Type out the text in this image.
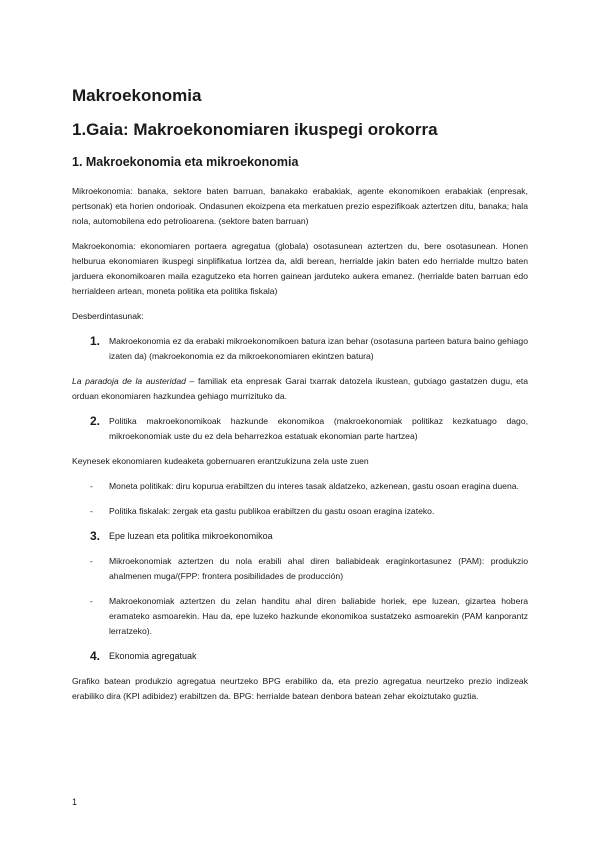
Makroekonomia
1.Gaia: Makroekonomiaren ikuspegi orokorra
1. Makroekonomia eta mikroekonomia

Mikroekonomia: banaka, sektore baten barruan, banakako erabakiak, agente ekonomikoen erabakiak (enpresak, pertsonak) eta horien ondorioak. Ondasunen ekoizpena eta merkatuen prezio espezifikoak aztertzen ditu, banaka; hala nola, automobilena edo petrolioarena. (sektore baten barruan)

Makroekonomia: ekonomiaren portaera agregatua (globala) osotasunean aztertzen du, bere osotasunean. Honen helburua ekonomiaren ikuspegi sinplifikatua lortzea da, aldi berean, herrialde jakin baten edo herrialde multzo baten jarduera ekonomikoaren maila ezagutzeko eta horren gainean jarduteko aukera emanez. (herrialde baten barruan edo herrialdeen artean, moneta politika eta politika fiskala)

Desberdintasunak:

1.	Makroekonomia ez da erabaki mikroekonomikoen batura izan behar (osotasuna parteen batura baino gehiago izaten da) (makroekonomia ez da mikroekonomiaren ekintzen batura)

La paradoja de la austeridad – familiak eta enpresak Garai txarrak datozela ikustean, gutxiago gastatzen dugu, eta orduan ekonomiaren hazkundea gehiago murrizituko da.

2.	Politika makroekonomikoak hazkunde ekonomikoa (makroekonomiak politikaz kezkatuago dago, mikroekonomiak uste du ez dela beharrezkoa estatuak ekonomian parte hartzea)

Keynesek ekonomiaren kudeaketa gobernuaren erantzukizuna zela uste zuen

-	Moneta politikak: diru kopurua erabiltzen du interes tasak aldatzeko, azkenean, gastu osoan eragina duena.
-	Politika fiskalak: zergak eta gastu publikoa erabiltzen du gastu osoan eragina izateko.
3. Epe luzean eta politika mikroekonomikoa
-	Mikroekonomiak aztertzen du nola erabili ahal diren baliabideak eraginkortasunez (PAM): produkzio ahalmenen muga/(FPP: frontera posibilidades de producción)
-	Makroekonomiak aztertzen du zelan handitu ahal diren baliabide horiek, epe luzean, gizartea hobera eramateko asmoarekin. Hau da, epe luzeko hazkunde ekonomikoa sustatzeko asmoarekin (PAM kanporantz lerratzeko).
4. Ekonomia agregatuak

Grafiko batean produkzio agregatua neurtzeko BPG erabiliko da, eta prezio agregatua neurtzeko prezio indizeak erabiliko dira (KPI adibidez) erabiltzen da. BPG: herrialde batean denbora batean zehar ekoiztutako guztia.

1
